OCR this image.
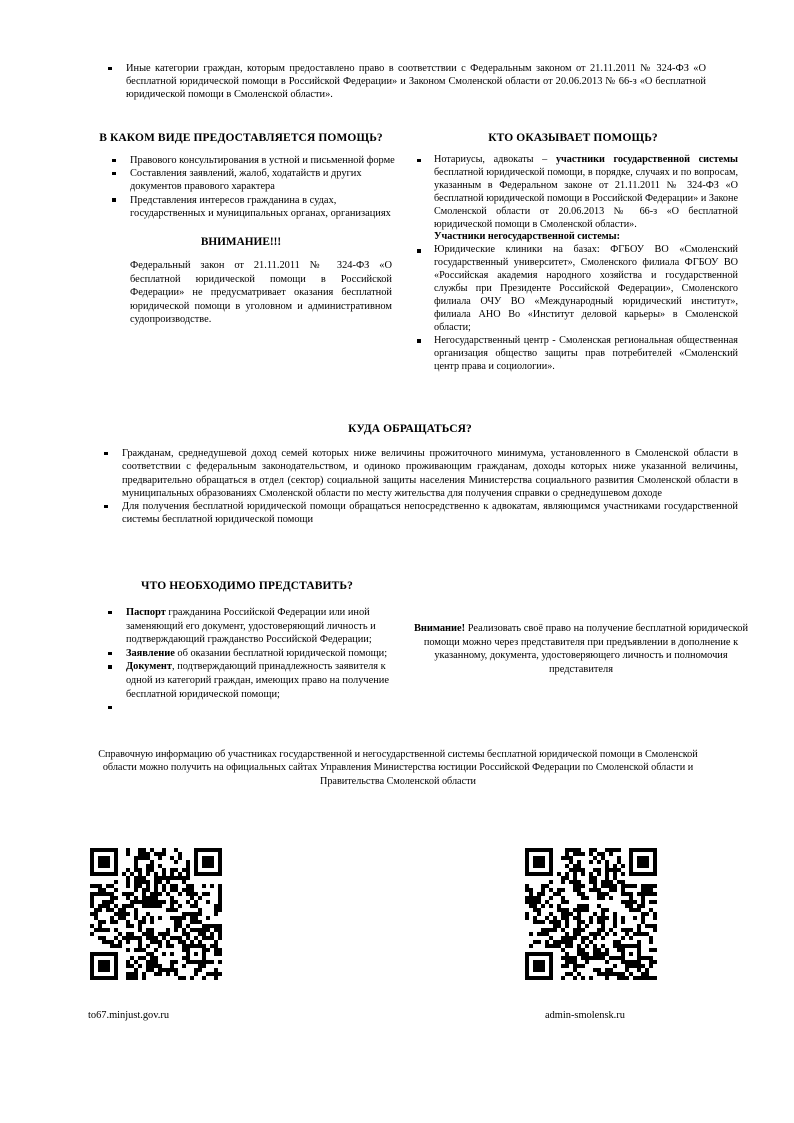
Иные категории граждан, которым предоставлено право в соответствии с Федеральным законом от 21.11.2011 № 324-ФЗ «О бесплатной юридической помощи в Российской Федерации» и Законом Смоленской области от 20.06.2013 № 66-з «О бесплатной юридической помощи в Смоленской области».
В КАКОМ ВИДЕ ПРЕДОСТАВЛЯЕТСЯ ПОМОЩЬ?
Правового консультирования в устной и письменной форме
Составления заявлений, жалоб, ходатайств и других документов правового характера
Представления интересов гражданина в судах, государственных и муниципальных органах, организациях
ВНИМАНИЕ!!!
Федеральный закон от 21.11.2011 № 324-ФЗ «О бесплатной юридической помощи в Российской Федерации» не предусматривает оказания бесплатной юридической помощи в уголовном и административном судопроизводстве.
КТО ОКАЗЫВАЕТ ПОМОЩЬ?
Нотариусы, адвокаты – участники государственной системы бесплатной юридической помощи, в порядке, случаях и по вопросам, указанным в Федеральном законе от 21.11.2011 № 324-ФЗ «О бесплатной юридической помощи в Российской Федерации» и Законе Смоленской области от 20.06.2013 № 66-з «О бесплатной юридической помощи в Смоленской области».
Участники негосударственной системы:
Юридические клиники на базах: ФГБОУ ВО «Смоленский государственный университет», Смоленского филиала ФГБОУ ВО «Российская академия народного хозяйства и государственной службы при Президенте Российской Федерации», Смоленского филиала ОЧУ ВО «Международный юридический институт», филиала АНО Во «Институт деловой карьеры» в Смоленской области;
Негосударственный центр - Смоленская региональная общественная организация общество защиты прав потребителей «Смоленский центр права и социологии».
КУДА ОБРАЩАТЬСЯ?
Гражданам, среднедушевой доход семей которых ниже величины прожиточного минимума, установленного в Смоленской области в соответствии с федеральным законодательством, и одиноко проживающим гражданам, доходы которых ниже указанной величины, предварительно обращаться в отдел (сектор) социальной защиты населения Министерства социального развития Смоленской области в муниципальных образованиях Смоленской области по месту жительства для получения справки о среднедушевом доходе
Для получения бесплатной юридической помощи обращаться непосредственно к адвокатам, являющимся участниками государственной системы бесплатной юридической помощи
ЧТО НЕОБХОДИМО ПРЕДСТАВИТЬ?
Паспорт гражданина Российской Федерации или иной заменяющий его документ, удостоверяющий личность и подтверждающий гражданство Российской Федерации;
Заявление об оказании бесплатной юридической помощи;
Документ, подтверждающий принадлежность заявителя к одной из категорий граждан, имеющих право на получение бесплатной юридической помощи;
Внимание! Реализовать своё право на получение бесплатной юридической помощи можно через представителя при предъявлении в дополнение к указанному, документа, удостоверяющего личность и полномочия представителя
Справочную информацию об участниках государственной и негосударственной системы бесплатной юридической помощи в Смоленской области можно получить на официальных сайтах Управления Министерства юстиции Российской Федерации по Смоленской области и Правительства Смоленской области
to67.minjust.gov.ru	admin-smolensk.ru
